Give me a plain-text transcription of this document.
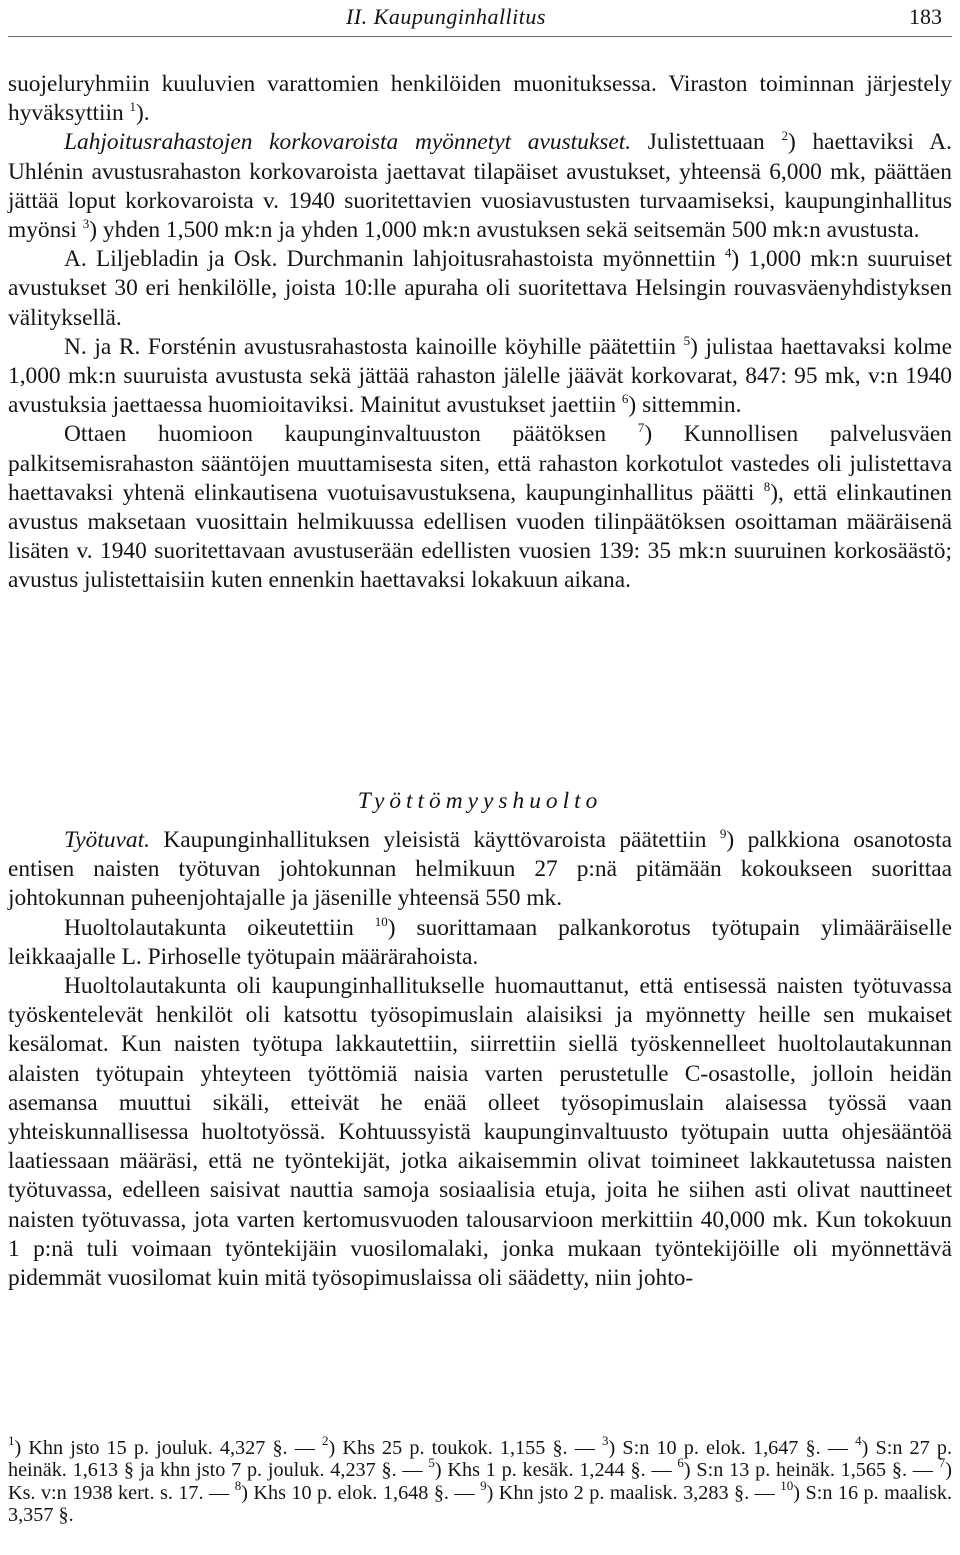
II. Kaupunginhallitus	183

suojeluryhmiin kuuluvien varattomien henkilöiden muonituksessa. Viraston toiminnan järjestely hyväksyttiin $^1$).

Lahjoitusrahastojen korkovaroista myönnetyt avustukset. Julistettuaan $^2$) haettaviksi A. Uhlénin avustusrahaston korkovaroista jaettavat tilapäiset avustukset, yhteensä 6,000 mk, päättäen jättää loput korkovaroista v. 1940 suoritettavien vuosiavustusten turvaamiseksi, kaupunginhallitus myönsi $^3$) yhden 1,500 mk:n ja yhden 1,000 mk:n avustuksen sekä seitsemän 500 mk:n avustusta.

A. Liljebladin ja Osk. Durchmanin lahjoitusrahastoista myönnettiin $^4$) 1,000 mk:n suuruiset avustukset 30 eri henkilölle, joista 10:lle apuraha oli suoritettava Helsingin rouvasväenyhdistyksen välityksellä.

N. ja R. Forsténin avustusrahastosta kainoille köyhille päätettiin $^5$) julistaa haettavaksi kolme 1,000 mk:n suuruista avustusta sekä jättää rahaston jälelle jäävät korkovarat, 847: 95 mk, v:n 1940 avustuksia jaettaessa huomioitaviksi. Mainitut avustukset jaettiin $^6$) sittemmin.

Ottaen huomioon kaupunginvaltuuston päätöksen $^7$) Kunnollisen palvelusväen palkitsemisrahaston sääntöjen muuttamisesta siten, että rahaston korkotulot vastedes oli julistettava haettavaksi yhtenä elinkautisena vuotuisavustuksena, kaupunginhallitus päätti $^8$), että elinkautinen avustus maksetaan vuosittain helmikuussa edellisen vuoden tilinpäätöksen osoittaman määräisenä lisäten v. 1940 suoritettavaan avustuserään edellisten vuosien 139: 35 mk:n suuruinen korkosäästö; avustus julistettaisiin kuten ennenkin haettavaksi lokakuun aikana.

Työttömyyshuolto

Työtuvat. Kaupunginhallituksen yleisistä käyttövaroista päätettiin $^9$) palkkiona osanotosta entisen naisten työtuvan johtokunnan helmikuun 27 p:nä pitämään kokoukseen suorittaa johtokunnan puheenjohtajalle ja jäsenille yhteensä 550 mk.

Huoltolautakunta oikeutettiin $^{10}$) suorittamaan palkankorotus työtupain ylimääräiselle leikkaajalle L. Pirhoselle työtupain määrärahoista.

Huoltolautakunta oli kaupunginhallitukselle huomauttanut, että entisessä naisten työtuvassa työskentelevät henkilöt oli katsottu työsopimuslain alaisiksi ja myönnetty heille sen mukaiset kesälomat. Kun naisten työtupa lakkautettiin, siirrettiin siellä työskennelleet huoltolautakunnan alaisten työtupain yhteyteen työttömiä naisia varten perustetulle C-osastolle, jolloin heidän asemansa muuttui sikäli, etteivät he enää olleet työsopimuslain alaisessa työssä vaan yhteiskunnallisessa huoltotyössä. Kohtuussyistä kaupunginvaltuusto työtupain uutta ohjesääntöä laatiessaan määräsi, että ne työntekijät, jotka aikaisemmin olivat toimineet lakkautetussa naisten työtuvassa, edelleen saisivat nauttia samoja sosiaalisia etuja, joita he siihen asti olivat nauttineet naisten työtuvassa, jota varten kertomusvuoden talousarvioon merkittiin 40,000 mk. Kun tokokuun 1 p:nä tuli voimaan työntekijäin vuosilomalaki, jonka mukaan työntekijöille oli myönnettävä pidemmät vuosilomat kuin mitä työsopimuslaissa oli säädetty, niin johto-

$^1$) Khn jsto 15 p. jouluk. 4,327 §. — $^2$) Khs 25 p. toukok. 1,155 §. — $^3$) S:n 10 p. elok. 1,647 §. — $^4$) S:n 27 p. heinäk. 1,613 § ja khn jsto 7 p. jouluk. 4,237 §. — $^5$) Khs 1 p. kesäk. 1,244 §. — $^6$) S:n 13 p. heinäk. 1,565 §. — $^7$) Ks. v:n 1938 kert. s. 17. — $^8$) Khs 10 p. elok. 1,648 §. — $^9$) Khn jsto 2 p. maalisk. 3,283 §. — $^{10}$) S:n 16 p. maalisk. 3,357 §.
